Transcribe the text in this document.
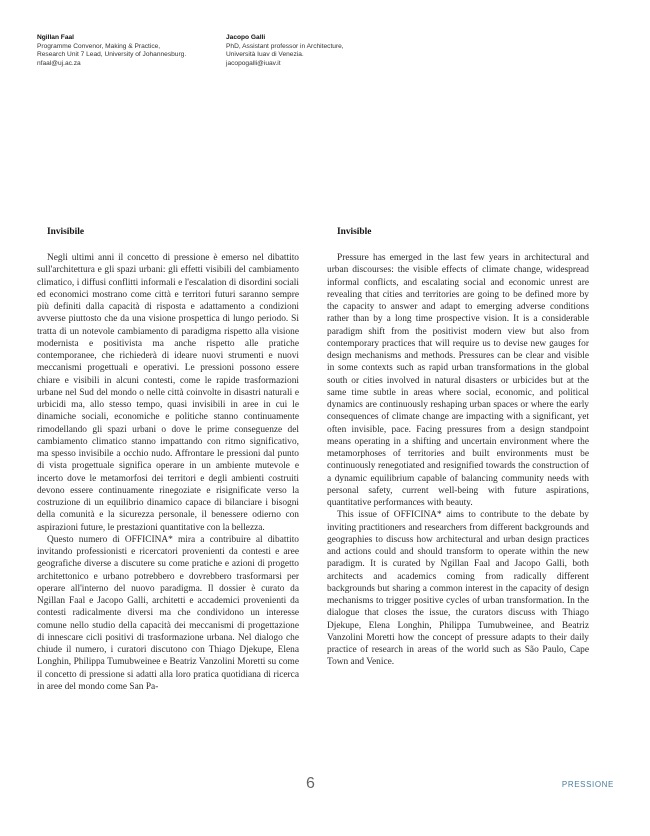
Ngillan Faal
Programme Convenor, Making & Practice,
Research Unit 7 Lead, University of Johannesburg.
nfaal@uj.ac.za
Jacopo Galli
PhD, Assistant professor in Architecture,
Università Iuav di Venezia.
jacopogalli@iuav.it
Invisibile

Negli ultimi anni il concetto di pressione è emerso nel dibattito sull'architettura e gli spazi urbani: gli effetti visibili del cambiamento climatico, i diffusi conflitti informali e l'escalation di disordini sociali ed economici mostrano come città e territori futuri saranno sempre più definiti dalla capacità di risposta e adattamento a condizioni avverse piuttosto che da una visione prospettica di lungo periodo. Si tratta di un notevole cambiamento di paradigma rispetto alla visione modernista e positivista ma anche rispetto alle pratiche contemporanee, che richiederà di ideare nuovi strumenti e nuovi meccanismi progettuali e operativi. Le pressioni possono essere chiare e visibili in alcuni contesti, come le rapide trasformazioni urbane nel Sud del mondo o nelle città coinvolte in disastri naturali e urbicidi ma, allo stesso tempo, quasi invisibili in aree in cui le dinamiche sociali, economiche e politiche stanno continuamente rimodellando gli spazi urbani o dove le prime conseguenze del cambiamento climatico stanno impattando con ritmo significativo, ma spesso invisibile a occhio nudo. Affrontare le pressioni dal punto di vista progettuale significa operare in un ambiente mutevole e incerto dove le metamorfosi dei territori e degli ambienti costruiti devono essere continuamente rinegoziate e risignificate verso la costruzione di un equilibrio dinamico capace di bilanciare i bisogni della comunità e la sicurezza personale, il benessere odierno con aspirazioni future, le prestazioni quantitative con la bellezza.

Questo numero di OFFICINA* mira a contribuire al dibattito invitando professionisti e ricercatori provenienti da contesti e aree geografiche diverse a discutere su come pratiche e azioni di progetto architettonico e urbano potrebbero e dovrebbero trasformarsi per operare all'interno del nuovo paradigma. Il dossier è curato da Ngillan Faal e Jacopo Galli, architetti e accademici provenienti da contesti radicalmente diversi ma che condividono un interesse comune nello studio della capacità dei meccanismi di progettazione di innescare cicli positivi di trasformazione urbana. Nel dialogo che chiude il numero, i curatori discutono con Thiago Djekupe, Elena Longhin, Philippa Tumubweinee e Beatriz Vanzolini Moretti su come il concetto di pressione si adatti alla loro pratica quotidiana di ricerca in aree del mondo come San Pa-

Invisible

Pressure has emerged in the last few years in architectural and urban discourses: the visible effects of climate change, widespread informal conflicts, and escalating social and economic unrest are revealing that cities and territories are going to be defined more by the capacity to answer and adapt to emerging adverse conditions rather than by a long time prospective vision. It is a considerable paradigm shift from the positivist modern view but also from contemporary practices that will require us to devise new gauges for design mechanisms and methods. Pressures can be clear and visible in some contexts such as rapid urban transformations in the global south or cities involved in natural disasters or urbicides but at the same time subtle in areas where social, economic, and political dynamics are continuously reshaping urban spaces or where the early consequences of climate change are impacting with a significant, yet often invisible, pace. Facing pressures from a design standpoint means operating in a shifting and uncertain environment where the metamorphoses of territories and built environments must be continuously renegotiated and resignified towards the construction of a dynamic equilibrium capable of balancing community needs with personal safety, current well-being with future aspirations, quantitative performances with beauty.

This issue of OFFICINA* aims to contribute to the debate by inviting practitioners and researchers from different backgrounds and geographies to discuss how architectural and urban design practices and actions could and should transform to operate within the new paradigm. It is curated by Ngillan Faal and Jacopo Galli, both architects and academics coming from radically different backgrounds but sharing a common interest in the capacity of design mechanisms to trigger positive cycles of urban transformation. In the dialogue that closes the issue, the curators discuss with Thiago Djekupe, Elena Longhin, Philippa Tumubweinee, and Beatriz Vanzolini Moretti how the concept of pressure adapts to their daily practice of research in areas of the world such as São Paulo, Cape Town and Venice.

6	PRESSIONE
